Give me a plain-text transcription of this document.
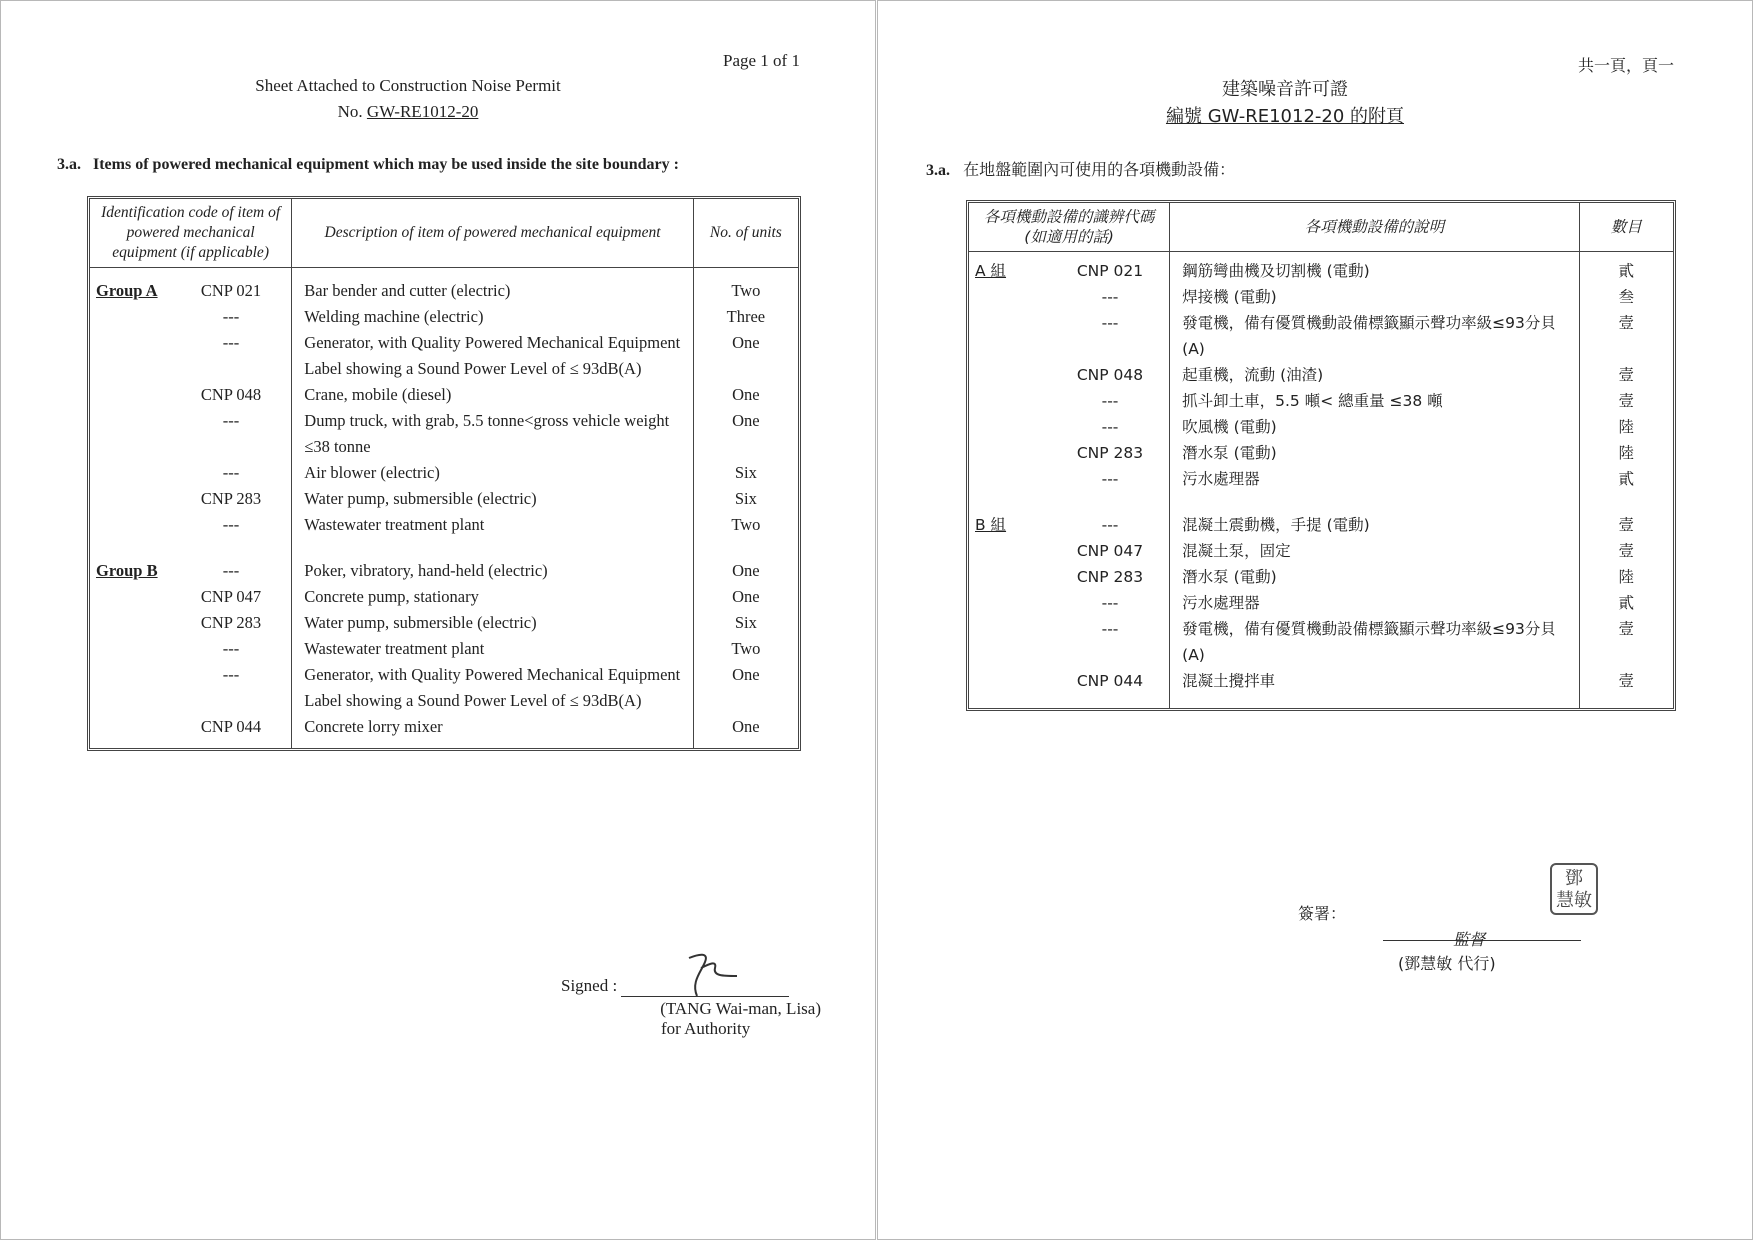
Page 1 of 1
Sheet Attached to Construction Noise Permit
No. GW-RE1012-20
3.a. Items of powered mechanical equipment which may be used inside the site boundary :
Identification code of item of powered mechanical equipment (if applicable)	Description of item of powered mechanical equipment	No. of units

Group A CNP 021	Bar bender and cutter (electric)	Two
---	Welding machine (electric)	Three
---	Generator, with Quality Powered Mechanical Equipment Label showing a Sound Power Level of ≤ 93dB(A)	One
CNP 048	Crane, mobile (diesel)	One
---	Dump truck, with grab, 5.5 tonne<gross vehicle weight ≤38 tonne	One
---	Air blower (electric)	Six
CNP 283	Water pump, submersible (electric)	Six
---	Wastewater treatment plant	Two

Group B ---	Poker, vibratory, hand-held (electric)	One
CNP 047	Concrete pump, stationary	One
CNP 283	Water pump, submersible (electric)	Six
---	Wastewater treatment plant	Two
---	Generator, with Quality Powered Mechanical Equipment Label showing a Sound Power Level of ≤ 93dB(A)	One
CNP 044	Concrete lorry mixer	One

Signed :
(TANG Wai-man, Lisa)
for Authority
共一頁，頁一
建築噪音許可證
編號 GW-RE1012-20 的附頁
3.a. 在地盤範圍內可使用的各項機動設備：
各項機動設備的識辨代碼 (如適用的話)	各項機動設備的說明	數目

A 組 CNP 021	鋼筋彎曲機及切割機 (電動)	貳
---	焊接機 (電動)	叁
---	發電機，備有優質機動設備標籤顯示聲功率級≤93分貝(A)	壹
CNP 048	起重機，流動 (油渣)	壹
---	抓斗卸土車，5.5 噸< 總重量 ≤38 噸	壹
---	吹風機 (電動)	陸
CNP 283	潛水泵 (電動)	陸
---	污水處理器	貳

B 組 ---	混凝土震動機，手提 (電動)	壹
CNP 047	混凝土泵，固定	壹
CNP 283	潛水泵 (電動)	陸
---	污水處理器	貳
---	發電機，備有優質機動設備標籤顯示聲功率級≤93分貝(A)	壹
CNP 044	混凝土攪拌車	壹

鄧
慧敏
簽署：

監督
(鄧慧敏 代行)
